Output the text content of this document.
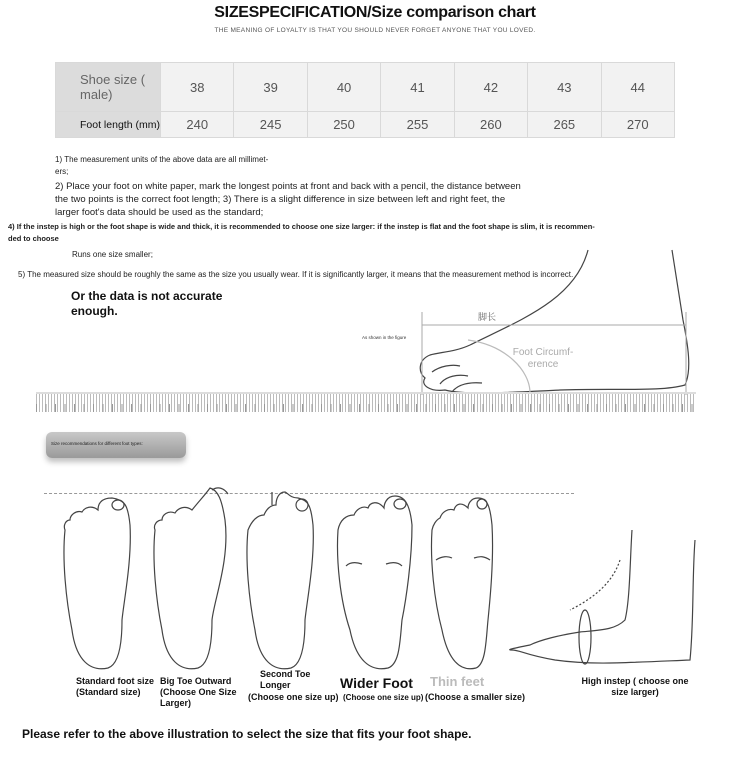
SIZESPECIFICATION/Size comparison chart
THE MEANING OF LOYALTY IS THAT YOU SHOULD NEVER FORGET ANYONE THAT YOU LOVED.
Shoe size ( male)	38	39	40	41	42	43	44
Foot length (mm)	240	245	250	255	260	265	270
1) The measurement units of the above data are all millimet-
ers;
2) Place your foot on white paper, mark the longest points at front and back with a pencil, the distance between
the two points is the correct foot length; 3) There is a slight difference in size between left and right feet, the
larger foot's data should be used as the standard;
4) If the instep is high or the foot shape is wide and thick, it is recommended to choose one size larger: if the instep is flat and the foot shape is slim, it is recommen-
ded to choose
Runs one size smaller;
5) The measured size should be roughly the same as the size you usually wear. If it is significantly larger, it means that the measurement method is incorrect.
Or the data is not accurate enough.	脚长
As shown in the figure
Foot Circumf- erence
Size recommendations for different foot types:
Standard foot size (Standard size)
Big Toe Outward (Choose One Size Larger)
Second Toe Longer
(Choose one size up)
Wider Foot
(Choose one size up)
Thin feet
(Choose a smaller size)
High instep ( choose one size larger)
Please refer to the above illustration to select the size that fits your foot shape.
